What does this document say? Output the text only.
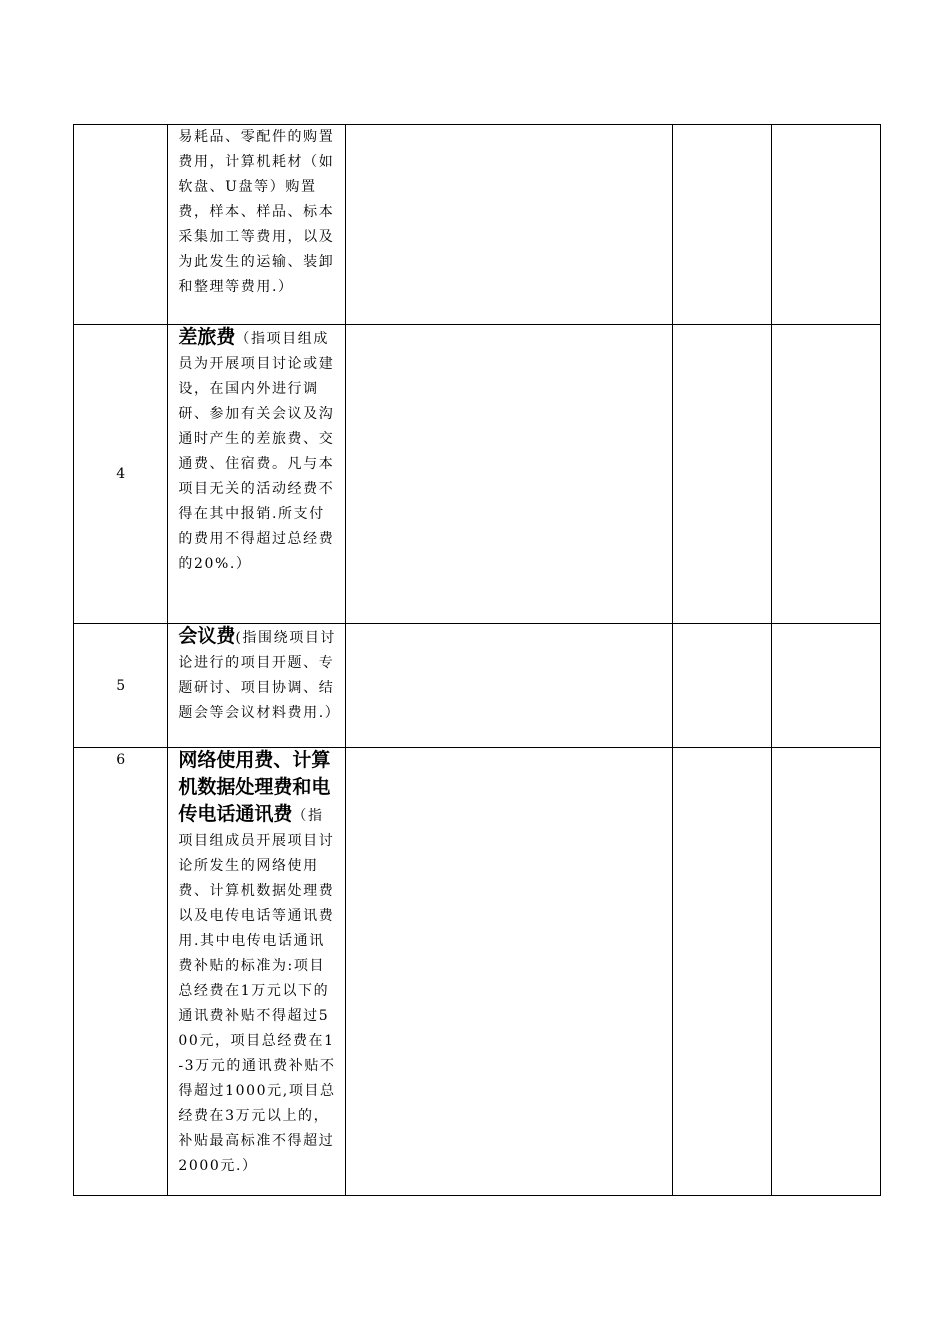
	易耗品、零配件的购置费用，计算机耗材（如软盘、U盘等）购置费，样本、样品、标本采集加工等费用，以及为此发生的运输、装卸和整理等费用.）			
4	差旅费（指项目组成员为开展项目讨论或建设，在国内外进行调研、参加有关会议及沟通时产生的差旅费、交通费、住宿费。凡与本项目无关的活动经费不得在其中报销.所支付的费用不得超过总经费的20%.）			
5	会议费(指围绕项目讨论进行的项目开题、专题研讨、项目协调、结题会等会议材料费用.）			
6	网络使用费、计算机数据处理费和电传电话通讯费（指项目组成员开展项目讨论所发生的网络使用费、计算机数据处理费以及电传电话等通讯费用.其中电传电话通讯费补贴的标准为:项目总经费在1万元以下的通讯费补贴不得超过500元，项目总经费在1-3万元的通讯费补贴不得超过1000元,项目总经费在3万元以上的，补贴最高标准不得超过2000元.）			
